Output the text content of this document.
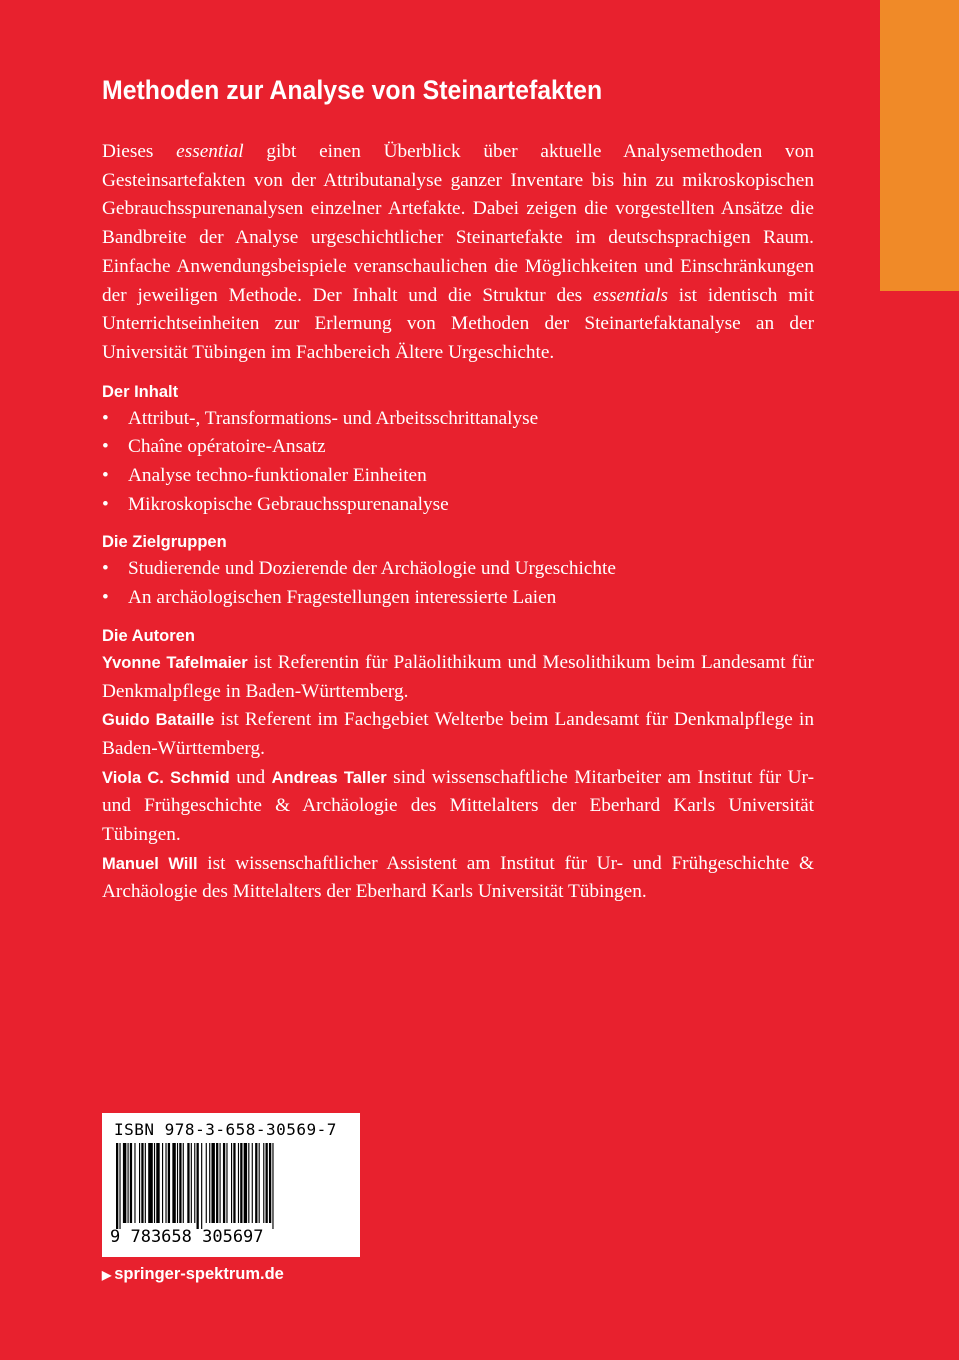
Methoden zur Analyse von Steinartefakten

Dieses essential gibt einen Überblick über aktuelle Analysemethoden von Gesteinsartefakten von der Attributanalyse ganzer Inventare bis hin zu mikroskopischen Gebrauchsspurenanalysen einzelner Artefakte. Dabei zeigen die vorgestellten Ansätze die Bandbreite der Analyse urgeschichtlicher Steinartefakte im deutschsprachigen Raum. Einfache Anwendungsbeispiele veranschaulichen die Möglichkeiten und Einschränkungen der jeweiligen Methode. Der Inhalt und die Struktur des essentials ist identisch mit Unterrichtseinheiten zur Erlernung von Methoden der Steinartefaktanalyse an der Universität Tübingen im Fachbereich Ältere Urgeschichte.

Der Inhalt
• Attribut-, Transformations- und Arbeitsschrittanalyse
• Chaîne opératoire-Ansatz
• Analyse techno-funktionaler Einheiten
• Mikroskopische Gebrauchsspurenanalyse
Die Zielgruppen
• Studierende und Dozierende der Archäologie und Urgeschichte
• An archäologischen Fragestellungen interessierte Laien
Die Autoren

Yvonne Tafelmaier ist Referentin für Paläolithikum und Mesolithikum beim Landesamt für Denkmalpflege in Baden-Württemberg.

Guido Bataille ist Referent im Fachgebiet Welterbe beim Landesamt für Denkmalpflege in Baden-Württemberg.

Viola C. Schmid und Andreas Taller sind wissenschaftliche Mitarbeiter am Institut für Ur- und Frühgeschichte & Archäologie des Mittelalters der Eberhard Karls Universität Tübingen.

Manuel Will ist wissenschaftlicher Assistent am Institut für Ur- und Frühgeschichte & Archäologie des Mittelalters der Eberhard Karls Universität Tübingen.

ISBN 978-3-658-30569-7
9 783658 305697
▶ springer-spektrum.de
